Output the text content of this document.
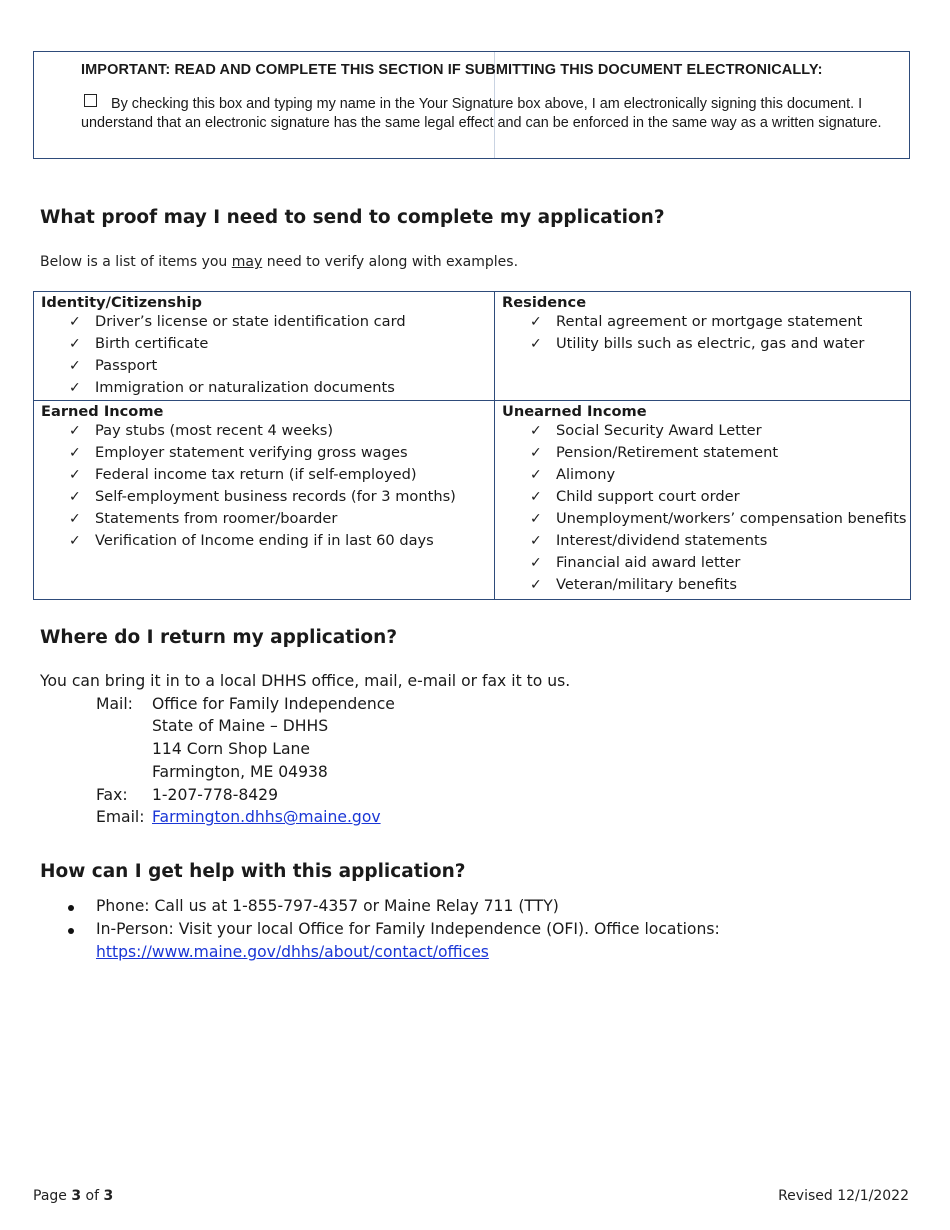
IMPORTANT: READ AND COMPLETE THIS SECTION IF SUBMITTING THIS DOCUMENT ELECTRONICALLY:
By checking this box and typing my name in the Your Signature box above, I am electronically signing this document. I understand that an electronic signature has the same legal effect and can be enforced in the same way as a written signature.
What proof may I need to send to complete my application?
Below is a list of items you may need to verify along with examples.
Identity/Citizenship
✓ Driver’s license or state identification card
✓ Birth certificate
✓ Passport
✓ Immigration or naturalization documents
Residence
✓ Rental agreement or mortgage statement
✓ Utility bills such as electric, gas and water
Earned Income
✓ Pay stubs (most recent 4 weeks)
✓ Employer statement verifying gross wages
✓ Federal income tax return (if self-employed)
✓ Self-employment business records (for 3 months)
✓ Statements from roomer/boarder
✓ Verification of Income ending if in last 60 days
Unearned Income
✓ Social Security Award Letter
✓ Pension/Retirement statement
✓ Alimony
✓ Child support court order
✓ Unemployment/workers’ compensation benefits
✓ Interest/dividend statements
✓ Financial aid award letter
✓ Veteran/military benefits
Where do I return my application?
You can bring it in to a local DHHS office, mail, e-mail or fax it to us.
Mail: Office for Family Independence
State of Maine – DHHS
114 Corn Shop Lane
Farmington, ME 04938
Fax: 1-207-778-8429
Email: Farmington.dhhs@maine.gov
How can I get help with this application?
Phone: Call us at 1-855-797-4357 or Maine Relay 711 (TTY)
In-Person: Visit your local Office for Family Independence (OFI). Office locations:
https://www.maine.gov/dhhs/about/contact/offices
Page 3 of 3	Revised 12/1/2022
